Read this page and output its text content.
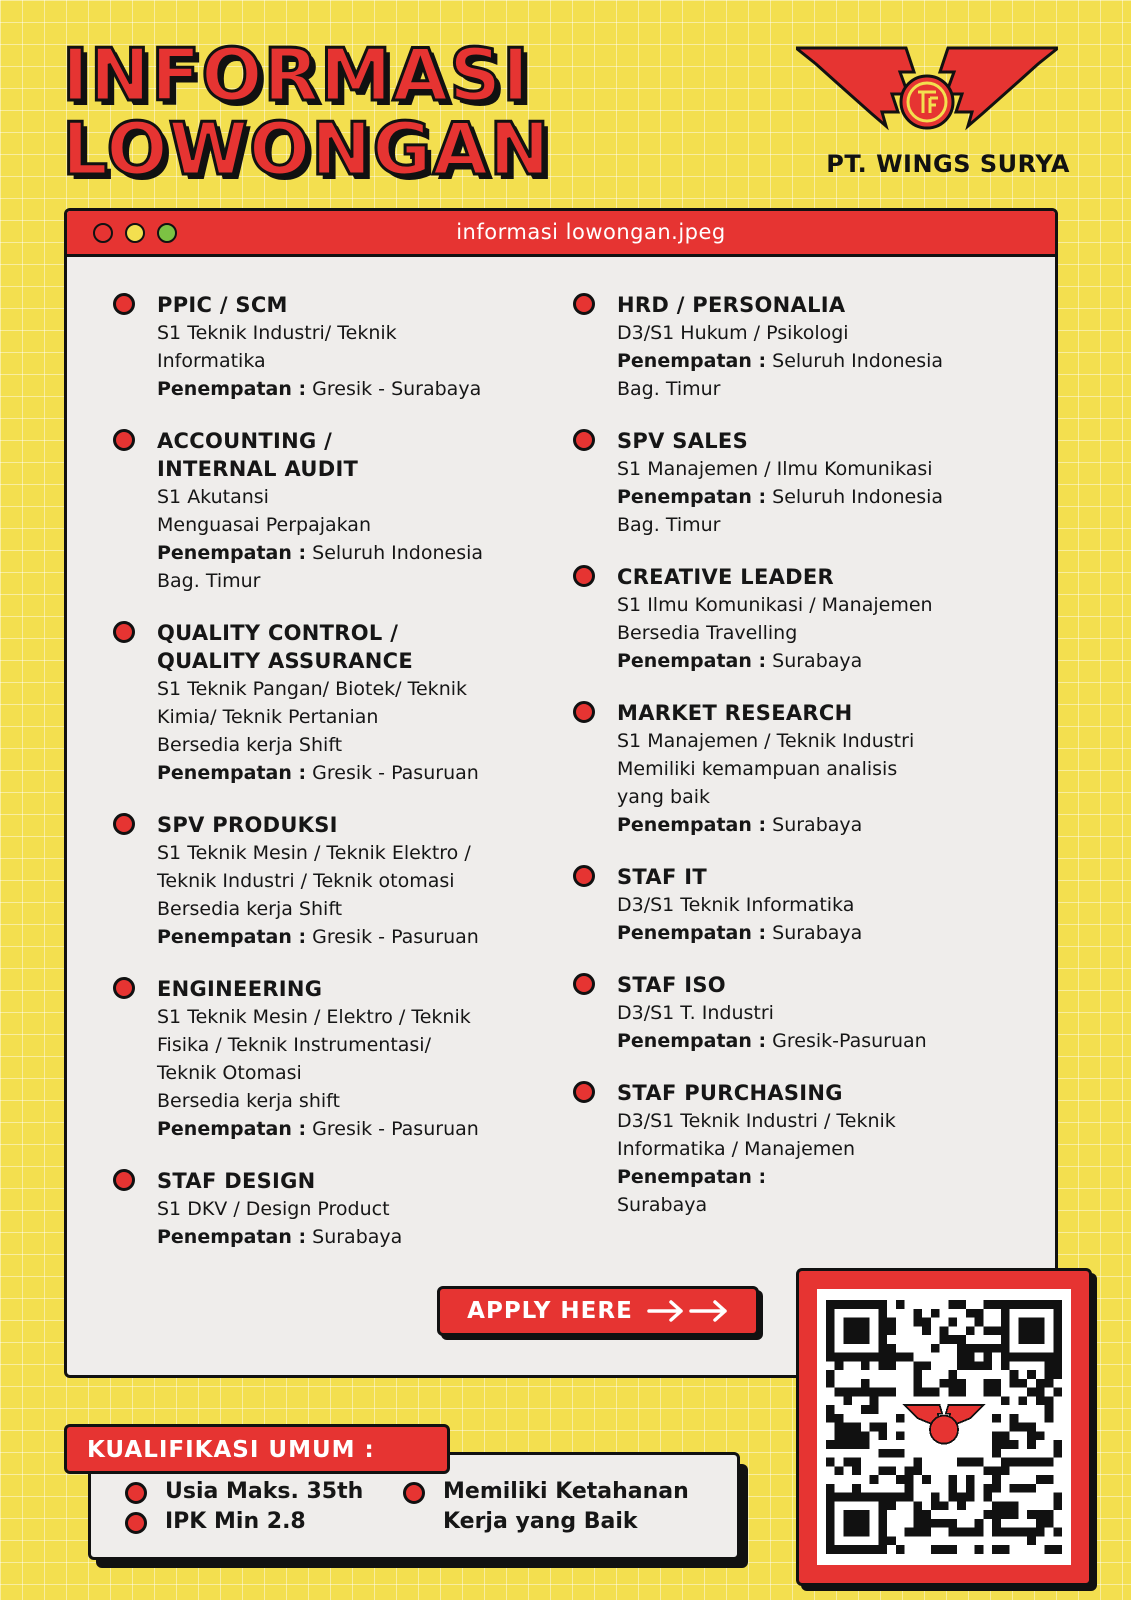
INFORMASI
LOWONGAN	PT. WINGS SURYA
informasi lowongan.jpeg
PPIC / SCM
S1 Teknik Industri/ Teknik
Informatika
Penempatan : Gresik - Surabaya
ACCOUNTING /
INTERNAL AUDIT
S1 Akutansi
Menguasai Perpajakan
Penempatan : Seluruh Indonesia
Bag. Timur
QUALITY CONTROL /
QUALITY ASSURANCE
S1 Teknik Pangan/ Biotek/ Teknik
Kimia/ Teknik Pertanian
Bersedia kerja Shift
Penempatan : Gresik - Pasuruan
SPV PRODUKSI
S1 Teknik Mesin / Teknik Elektro /
Teknik Industri / Teknik otomasi
Bersedia kerja Shift
Penempatan : Gresik - Pasuruan
ENGINEERING
S1 Teknik Mesin / Elektro / Teknik
Fisika / Teknik Instrumentasi/
Teknik Otomasi
Bersedia kerja shift
Penempatan : Gresik - Pasuruan
STAF DESIGN
S1 DKV / Design Product
Penempatan : Surabaya
HRD / PERSONALIA
D3/S1 Hukum / Psikologi
Penempatan : Seluruh Indonesia
Bag. Timur
SPV SALES
S1 Manajemen / Ilmu Komunikasi
Penempatan : Seluruh Indonesia
Bag. Timur
CREATIVE LEADER
S1 Ilmu Komunikasi / Manajemen
Bersedia Travelling
Penempatan : Surabaya
MARKET RESEARCH
S1 Manajemen / Teknik Industri
Memiliki kemampuan analisis
yang baik
Penempatan : Surabaya
STAF IT
D3/S1 Teknik Informatika
Penempatan : Surabaya
STAF ISO
D3/S1 T. Industri
Penempatan : Gresik-Pasuruan
STAF PURCHASING
D3/S1 Teknik Industri / Teknik
Informatika / Manajemen
Penempatan :
Surabaya
APPLY HERE
Usia Maks. 35th
IPK Min 2.8
Memiliki Ketahanan
Kerja yang Baik
KUALIFIKASI UMUM :
